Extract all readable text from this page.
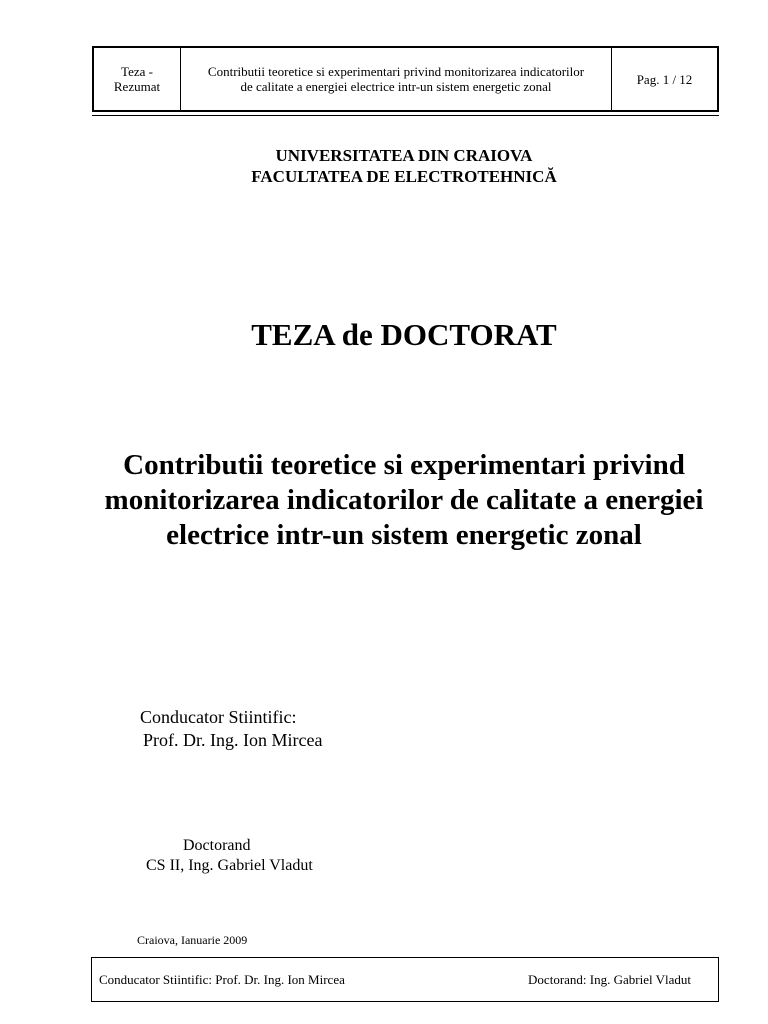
Teza -
Rezumat
Contributii teoretice si experimentari privind monitorizarea indicatorilor
de calitate a energiei electrice intr-un sistem energetic zonal	Pag. 1 / 12
UNIVERSITATEA DIN CRAIOVA
FACULTATEA DE ELECTROTEHNICĂ
TEZA de DOCTORAT
Contributii teoretice si experimentari privind monitorizarea indicatorilor de calitate a energiei electrice intr-un sistem energetic zonal
Conducator Stiintific:
Prof. Dr. Ing. Ion Mircea
Doctorand
CS II, Ing. Gabriel Vladut
Craiova, Ianuarie 2009
Conducator Stiintific: Prof. Dr. Ing. Ion Mircea	Doctorand: Ing. Gabriel Vladut
